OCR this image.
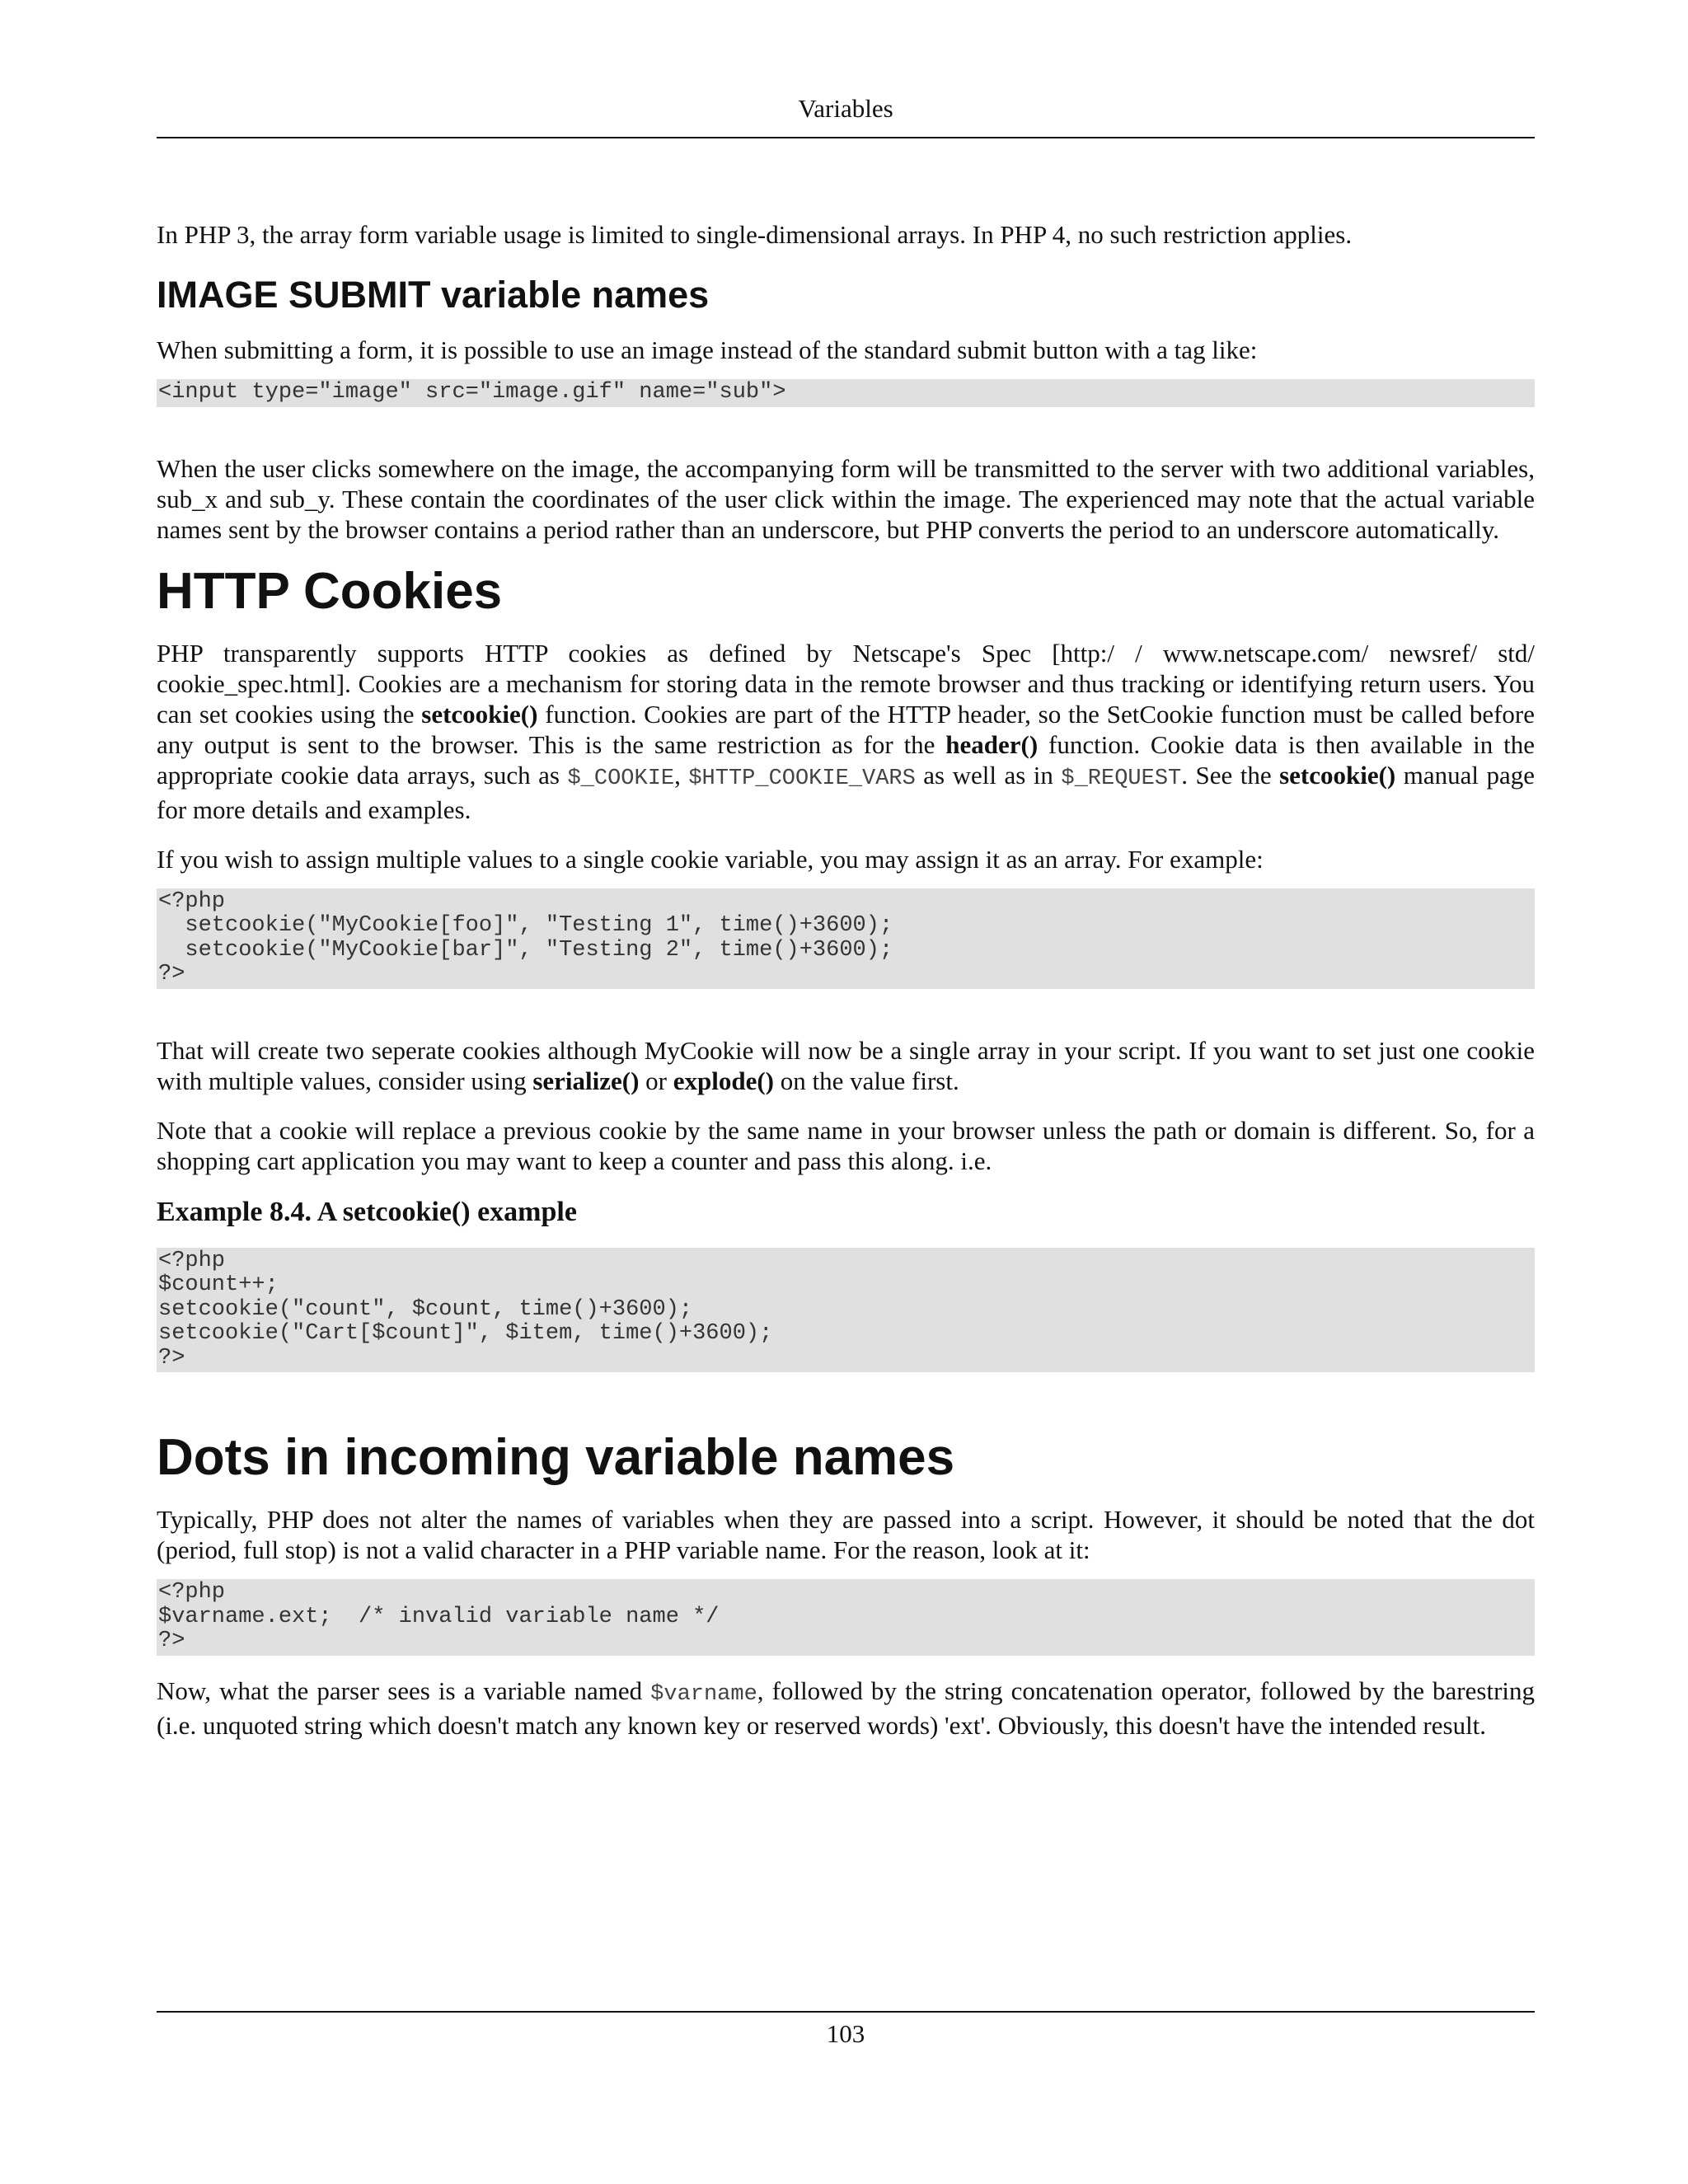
Variables

In PHP 3, the array form variable usage is limited to single-dimensional arrays. In PHP 4, no such restriction applies.

IMAGE SUBMIT variable names

When submitting a form, it is possible to use an image instead of the standard submit button with a tag like:

<input type="image" src="image.gif" name="sub">

When the user clicks somewhere on the image, the accompanying form will be transmitted to the server with two additional variables, sub_x and sub_y. These contain the coordinates of the user click within the image. The experienced may note that the actual variable names sent by the browser contains a period rather than an underscore, but PHP converts the period to an underscore automatically.

HTTP Cookies

PHP transparently supports HTTP cookies as defined by Netscape's Spec [http:/ / www.netscape.com/ newsref/ std/ cookie_spec.html]. Cookies are a mechanism for storing data in the remote browser and thus tracking or identifying return users. You can set cookies using the setcookie() function. Cookies are part of the HTTP header, so the SetCookie function must be called before any output is sent to the browser. This is the same restriction as for the header() function. Cookie data is then available in the appropriate cookie data arrays, such as $_COOKIE, $HTTP_COOKIE_VARS as well as in $_REQUEST. See the setcookie() manual page for more details and examples.

If you wish to assign multiple values to a single cookie variable, you may assign it as an array. For example:

<?php
setcookie("MyCookie[foo]", "Testing 1", time()+3600);
setcookie("MyCookie[bar]", "Testing 2", time()+3600);
?>

That will create two seperate cookies although MyCookie will now be a single array in your script. If you want to set just one cookie with multiple values, consider using serialize() or explode() on the value first.

Note that a cookie will replace a previous cookie by the same name in your browser unless the path or domain is different. So, for a shopping cart application you may want to keep a counter and pass this along. i.e.

Example 8.4. A setcookie() example
<?php
$count++;
setcookie("count", $count, time()+3600);
setcookie("Cart[$count]", $item, time()+3600);
?>
Dots in incoming variable names

Typically, PHP does not alter the names of variables when they are passed into a script. However, it should be noted that the dot (period, full stop) is not a valid character in a PHP variable name. For the reason, look at it:

<?php
$varname.ext;  /* invalid variable name */
?>

Now, what the parser sees is a variable named $varname, followed by the string concatenation operator, followed by the barestring (i.e. unquoted string which doesn't match any known key or reserved words) 'ext'. Obviously, this doesn't have the intended result.

103
